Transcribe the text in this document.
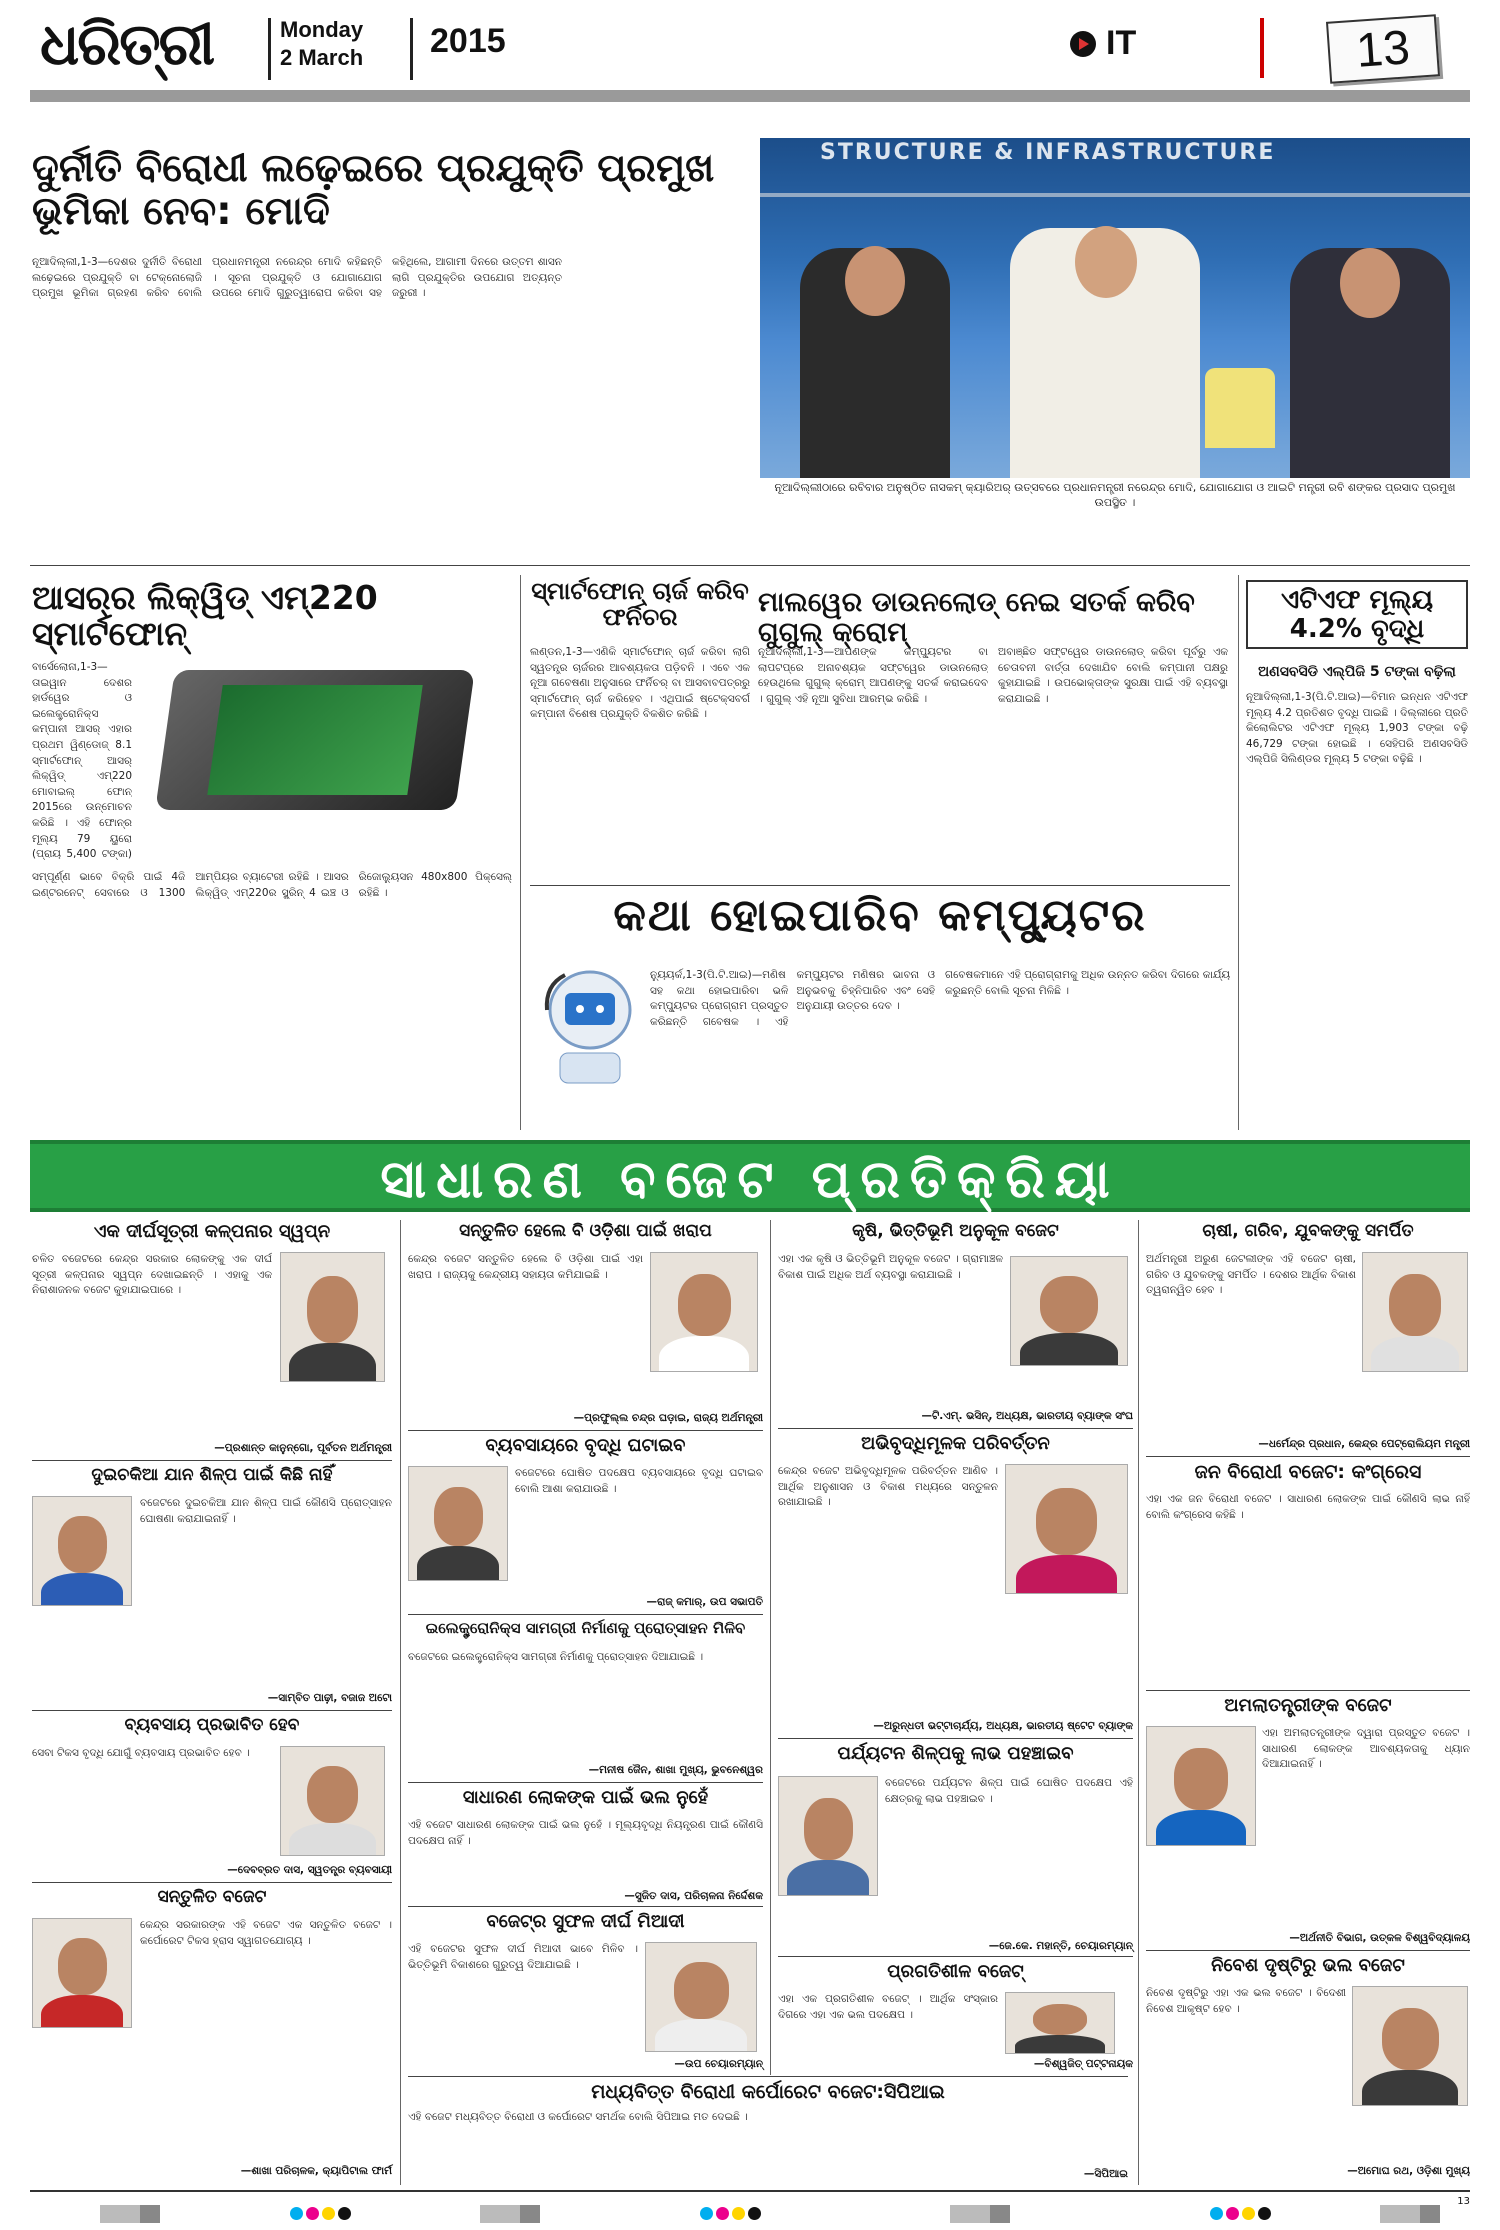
ଧରିତ୍ରୀ	Monday
2 March 2015	IT	13
ଦୁର୍ନୀତି ବିରୋଧୀ ଲଢ଼େଇରେ ପ୍ରଯୁକ୍ତି ପ୍ରମୁଖ ଭୂମିକା ନେବ: ମୋଦି
ନୂଆଦିଲ୍ଲୀ,1-3—ଦେଶର ଦୁର୍ନୀତି ବିରୋଧୀ ଲଢ଼େଇରେ ପ୍ରଯୁକ୍ତି ବା ଟେକ୍ନୋଲୋଜି ପ୍ରମୁଖ ଭୂମିକା ଗ୍ରହଣ କରିବ ବୋଲି ପ୍ରଧାନମନ୍ତ୍ରୀ ନରେନ୍ଦ୍ର ମୋଦି କହିଛନ୍ତି । ସୂଚନା ପ୍ରଯୁକ୍ତି ଓ ଯୋଗାଯୋଗ ଉପରେ ମୋଦି ଗୁରୁତ୍ୱାରୋପ କରିବା ସହ କହିଥିଲେ, ଆଗାମୀ ଦିନରେ ଉତ୍ତମ ଶାସନ ଲାଗି ପ୍ରଯୁକ୍ତିର ଉପଯୋଗ ଅତ୍ୟନ୍ତ ଜରୁରୀ ।
STRUCTURE & INFRASTRUCTURE
ନୂଆଦିଲ୍ଲୀଠାରେ ରବିବାର ଅନୁଷ୍ଠିତ ନାସକମ୍ କ୍ୟାରିଅର୍ ଉତ୍ସବରେ ପ୍ରଧାନମନ୍ତ୍ରୀ ନରେନ୍ଦ୍ର ମୋଦି, ଯୋଗାଯୋଗ ଓ ଆଇଟି ମନ୍ତ୍ରୀ ରବି ଶଙ୍କର ପ୍ରସାଦ ପ୍ରମୁଖ ଉପସ୍ଥିତ ।
ଆସର୍‌ର ଲିକ୍ୱିଡ୍ ଏମ୍220 ସ୍ମାର୍ଟଫୋନ୍
ବାର୍ସେଲୋନା,1-3—ତାଇୱାନ ଦେଶର ହାର୍ଡୱେର ଓ ଇଲେକ୍ଟ୍ରୋନିକ୍ସ କମ୍ପାନୀ ଆସର୍ ଏହାର ପ୍ରଥମ ୱିଣ୍ଡୋଜ୍ 8.1 ସ୍ମାର୍ଟଫୋନ୍ ଆସର୍ ଲିକ୍ୱିଡ୍ ଏମ୍220 ମୋବାଇଲ୍ ଫୋନ୍ 2015ରେ ଉନ୍ମୋଚନ କରିଛି । ଏହି ଫୋନ୍‌ର ମୂଲ୍ୟ 79 ୟୁରୋ (ପ୍ରାୟ 5,400 ଟଙ୍କା)
ସମ୍ପୂର୍ଣ୍ଣ ଭାବେ ବିକ୍ରି ପାଇଁ 4ଜି ଇଣ୍ଟରନେଟ୍ ସେବାରେ ଓ 1300 ଆମ୍ପିୟର ବ୍ୟାଟେରୀ ରହିଛି । ଆସର ଲିକ୍ୱିଡ୍ ଏମ୍220ର ସ୍କ୍ରିନ୍ 4 ଇଞ୍ଚ ଓ ରିଜୋଲ୍ୟୁସନ 480x800 ପିକ୍ସେଲ୍ ରହିଛି ।
ସ୍ମାର୍ଟଫୋନ୍ ଚାର୍ଜ କରିବ ଫର୍ନିଚର
ଲଣ୍ଡନ,1-3—ଏଣିକି ସ୍ମାର୍ଟଫୋନ୍ ଚାର୍ଜ କରିବା ଲାଗି ସ୍ୱତନ୍ତ୍ର ଚାର୍ଜରର ଆବଶ୍ୟକତା ପଡ଼ିବନି । ଏବେ ଏକ ନୂଆ ଗବେଷଣା ଅନୁସାରେ ଫର୍ନିଚର୍ ବା ଆସବାବପତ୍ରରୁ ସ୍ମାର୍ଟଫୋନ୍ ଚାର୍ଜ କରିହେବ । ଏଥିପାଇଁ ଷ୍ଟେକ୍ସବର୍ଗ କମ୍ପାନୀ ବିଶେଷ ପ୍ରଯୁକ୍ତି ବିକଶିତ କରିଛି ।
ମାଲୱେର ଡାଉନଲୋଡ୍ ନେଇ ସତର୍କ କରିବ ଗୁଗୁଲ୍ କ୍ରୋମ୍
ନୂଆଦିଲ୍ଲୀ,1-3—ଆପଣଙ୍କ କମ୍ପ୍ୟୁଟର ବା ଲାପଟପ୍‌ରେ ଅନାବଶ୍ୟକ ସଫ୍ଟୱେର ଡାଉନଲୋଡ୍ ହେଉଥିଲେ ଗୁଗୁଲ୍ କ୍ରୋମ୍ ଆପଣଙ୍କୁ ସତର୍କ କରାଇଦେବ । ଗୁଗୁଲ୍ ଏହି ନୂଆ ସୁବିଧା ଆରମ୍ଭ କରିଛି ।
ଅବାଞ୍ଛିତ ସଫ୍ଟୱେର ଡାଉନଲୋଡ୍ କରିବା ପୂର୍ବରୁ ଏକ ଚେତାବନୀ ବାର୍ତ୍ତା ଦେଖାଯିବ ବୋଲି କମ୍ପାନୀ ପକ୍ଷରୁ କୁହାଯାଇଛି । ଉପଭୋକ୍ତାଙ୍କ ସୁରକ୍ଷା ପାଇଁ ଏହି ବ୍ୟବସ୍ଥା କରାଯାଇଛି ।
କଥା ହୋଇପାରିବ କମ୍ପ୍ୟୁଟର
ନ୍ୟୁୟର୍କ,1-3(ପି.ଟି.ଆଇ)—ମଣିଷ ସହ କଥା ହୋଇପାରିବା ଭଳି କମ୍ପ୍ୟୁଟର ପ୍ରୋଗ୍ରାମ ପ୍ରସ୍ତୁତ କରିଛନ୍ତି ଗବେଷକ । ଏହି କମ୍ପ୍ୟୁଟର ମଣିଷର ଭାବନା ଓ ଅନୁଭବକୁ ଚିହ୍ନିପାରିବ ଏବଂ ସେହି ଅନୁଯାୟୀ ଉତ୍ତର ଦେବ ।
ଗବେଷକମାନେ ଏହି ପ୍ରୋଗ୍ରାମକୁ ଅଧିକ ଉନ୍ନତ କରିବା ଦିଗରେ କାର୍ଯ୍ୟ କରୁଛନ୍ତି ବୋଲି ସୂଚନା ମିଳିଛି ।
ଏଟିଏଫ ମୂଲ୍ୟ 4.2% ବୃଦ୍ଧି
ଅଣସବସିଡି ଏଲ୍‌ପିଜି 5 ଟଙ୍କା ବଢ଼ିଲା
ନୂଆଦିଲ୍ଲୀ,1-3(ପି.ଟି.ଆଇ)—ବିମାନ ଇନ୍ଧନ ଏଟିଏଫ ମୂଲ୍ୟ 4.2 ପ୍ରତିଶତ ବୃଦ୍ଧି ପାଇଛି । ଦିଲ୍ଲୀରେ ପ୍ରତି କିଲୋଲିଟର ଏଟିଏଫ ମୂଲ୍ୟ 1,903 ଟଙ୍କା ବଢ଼ି 46,729 ଟଙ୍କା ହୋଇଛି । ସେହିପରି ଅଣସବସିଡି ଏଲ୍‌ପିଜି ସିଲିଣ୍ଡର ମୂଲ୍ୟ 5 ଟଙ୍କା ବଢ଼ିଛି ।
ସାଧାରଣ ବଜେଟ ପ୍ରତିକ୍ରିୟା
ଏକ ଦୀର୍ଘସୂତ୍ରୀ କଳ୍ପନାର ସ୍ୱପ୍ନ
ଚଳିତ ବଜେଟରେ କେନ୍ଦ୍ର ସରକାର ଲୋକଙ୍କୁ ଏକ ଦୀର୍ଘ ସୂତ୍ରୀ କଳ୍ପନାର ସ୍ୱପ୍ନ ଦେଖାଇଛନ୍ତି । ଏହାକୁ ଏକ ନିରାଶାଜନକ ବଜେଟ କୁହାଯାଇପାରେ ।
—ପ୍ରଶାନ୍ତ କାନୁନ୍‌ଗୋ, ପୂର୍ବତନ ଅର୍ଥମନ୍ତ୍ରୀ
ଦୁଇଚକିଆ ଯାନ ଶିଳ୍ପ ପାଇଁ କିଛି ନାହିଁ
ବଜେଟରେ ଦୁଇଚକିଆ ଯାନ ଶିଳ୍ପ ପାଇଁ କୌଣସି ପ୍ରୋତ୍ସାହନ ଘୋଷଣା କରାଯାଇନାହିଁ ।
—ସାମ୍ବିତ ପାଢ଼ୀ, ବଜାଜ ଅଟୋ
ବ୍ୟବସାୟ ପ୍ରଭାବିତ ହେବ
ସେବା ଟିକସ ବୃଦ୍ଧି ଯୋଗୁଁ ବ୍ୟବସାୟ ପ୍ରଭାବିତ ହେବ ।
—ଦେବବ୍ରତ ଦାସ, ସ୍ୱତନ୍ତ୍ର ବ୍ୟବସାୟୀ
ସନ୍ତୁଳିତ ବଜେଟ
କେନ୍ଦ୍ର ସରକାରଙ୍କ ଏହି ବଜେଟ ଏକ ସନ୍ତୁଳିତ ବଜେଟ । କର୍ପୋରେଟ ଟିକସ ହ୍ରାସ ସ୍ୱାଗତଯୋଗ୍ୟ ।
—ଶାଖା ପରିଚାଳକ, କ୍ୟାପିଟାଲ ଫାର୍ମ
ସନ୍ତୁଳିତ ହେଲେ ବି ଓଡ଼ିଶା ପାଇଁ ଖରାପ
କେନ୍ଦ୍ର ବଜେଟ ସନ୍ତୁଳିତ ହେଲେ ବି ଓଡ଼ିଶା ପାଇଁ ଏହା ଖରାପ । ରାଜ୍ୟକୁ କେନ୍ଦ୍ରୀୟ ସହାୟତା କମିଯାଇଛି ।
—ପ୍ରଫୁଲ୍ଲ ଚନ୍ଦ୍ର ଘଡ଼ାଇ, ରାଜ୍ୟ ଅର୍ଥମନ୍ତ୍ରୀ
ବ୍ୟବସାୟରେ ବୃଦ୍ଧି ଘଟାଇବ
ବଜେଟରେ ଘୋଷିତ ପଦକ୍ଷେପ ବ୍ୟବସାୟରେ ବୃଦ୍ଧି ଘଟାଇବ ବୋଲି ଆଶା କରାଯାଉଛି ।
—ରାଜ୍ କମାର୍, ଉପ ସଭାପତି
ଇଲେକ୍ଟ୍ରୋନିକ୍ସ ସାମଗ୍ରୀ ନିର୍ମାଣକୁ ପ୍ରୋତ୍ସାହନ ମିଳିବ
ବଜେଟରେ ଇଲେକ୍ଟ୍ରୋନିକ୍ସ ସାମଗ୍ରୀ ନିର୍ମାଣକୁ ପ୍ରୋତ୍ସାହନ ଦିଆଯାଇଛି ।
—ମନୀଷ ଜୈନ, ଶାଖା ମୁଖ୍ୟ, ଭୁବନେଶ୍ୱର
ସାଧାରଣ ଲୋକଙ୍କ ପାଇଁ ଭଲ ନୁହେଁ
ଏହି ବଜେଟ ସାଧାରଣ ଲୋକଙ୍କ ପାଇଁ ଭଲ ନୁହେଁ । ମୂଲ୍ୟବୃଦ୍ଧି ନିୟନ୍ତ୍ରଣ ପାଇଁ କୌଣସି ପଦକ୍ଷେପ ନାହିଁ ।
—ସୁଜିତ ଦାସ, ପରିଚାଳନା ନିର୍ଦ୍ଦେଶକ
ବଜେଟ୍‌ର ସୁଫଳ ଦୀର୍ଘ ମିଆଦୀ
ଏହି ବଜେଟର ସୁଫଳ ଦୀର୍ଘ ମିଆଦୀ ଭାବେ ମିଳିବ । ଭିତ୍ତିଭୂମି ବିକାଶରେ ଗୁରୁତ୍ୱ ଦିଆଯାଇଛି ।
—ଉପ ଚେୟାରମ୍ୟାନ୍
ମଧ୍ୟବିତ୍ତ ବିରୋଧୀ କର୍ପୋରେଟ ବଜେଟ:ସିପିଆଇ
ଏହି ବଜେଟ ମଧ୍ୟବିତ୍ତ ବିରୋଧୀ ଓ କର୍ପୋରେଟ ସମର୍ଥକ ବୋଲି ସିପିଆଇ ମତ ଦେଇଛି ।
—ସିପିଆଇ
କୃଷି, ଭିତ୍ତିଭୂମି ଅନୁକୂଳ ବଜେଟ
ଏହା ଏକ କୃଷି ଓ ଭିତ୍ତିଭୂମି ଅନୁକୂଳ ବଜେଟ । ଗ୍ରାମାଞ୍ଚଳ ବିକାଶ ପାଇଁ ଅଧିକ ଅର୍ଥ ବ୍ୟବସ୍ଥା କରାଯାଇଛି ।
—ଟି.ଏମ୍. ଭସିନ୍, ଅଧ୍ୟକ୍ଷ, ଭାରତୀୟ ବ୍ୟାଙ୍କ ସଂଘ
ଅଭିବୃଦ୍ଧିମୂଳକ ପରିବର୍ତ୍ତନ
କେନ୍ଦ୍ର ବଜେଟ ଅଭିବୃଦ୍ଧିମୂଳକ ପରିବର୍ତ୍ତନ ଆଣିବ । ଆର୍ଥିକ ଅନୁଶାସନ ଓ ବିକାଶ ମଧ୍ୟରେ ସନ୍ତୁଳନ ରଖାଯାଇଛି ।
—ଅରୁନ୍ଧତୀ ଭଟ୍ଟାଚାର୍ଯ୍ୟ, ଅଧ୍ୟକ୍ଷ, ଭାରତୀୟ ଷ୍ଟେଟ ବ୍ୟାଙ୍କ
ପର୍ଯ୍ୟଟନ ଶିଳ୍ପକୁ ଲାଭ ପହଞ୍ଚାଇବ
ବଜେଟରେ ପର୍ଯ୍ୟଟନ ଶିଳ୍ପ ପାଇଁ ଘୋଷିତ ପଦକ୍ଷେପ ଏହି କ୍ଷେତ୍ରକୁ ଲାଭ ପହଞ୍ଚାଇବ ।
—ଜେ.କେ. ମହାନ୍ତି, ଚେୟାରମ୍ୟାନ୍
ପ୍ରଗତିଶୀଳ ବଜେଟ୍
ଏହା ଏକ ପ୍ରଗତିଶୀଳ ବଜେଟ୍ । ଆର୍ଥିକ ସଂସ୍କାର ଦିଗରେ ଏହା ଏକ ଭଲ ପଦକ୍ଷେପ ।
—ବିଶ୍ୱଜିତ୍ ପଟ୍ଟନାୟକ
ଚାଷୀ, ଗରିବ, ଯୁବକଙ୍କୁ ସମର୍ପିତ
ଅର୍ଥମନ୍ତ୍ରୀ ଅରୁଣ ଜେଟଲୀଙ୍କ ଏହି ବଜେଟ ଚାଷୀ, ଗରିବ ଓ ଯୁବକଙ୍କୁ ସମର୍ପିତ । ଦେଶର ଆର୍ଥିକ ବିକାଶ ତ୍ୱରାନ୍ୱିତ ହେବ ।
—ଧର୍ମେନ୍ଦ୍ର ପ୍ରଧାନ, କେନ୍ଦ୍ର ପେଟ୍ରୋଲିୟମ ମନ୍ତ୍ରୀ
ଜନ ବିରୋଧୀ ବଜେଟ: କଂଗ୍ରେସ
ଏହା ଏକ ଜନ ବିରୋଧୀ ବଜେଟ । ସାଧାରଣ ଲୋକଙ୍କ ପାଇଁ କୌଣସି ଲାଭ ନାହିଁ ବୋଲି କଂଗ୍ରେସ କହିଛି ।
ଅମଲାତନ୍ତ୍ରୀଙ୍କ ବଜେଟ
ଏହା ଅମଲାତନ୍ତ୍ରୀଙ୍କ ଦ୍ୱାରା ପ୍ରସ୍ତୁତ ବଜେଟ । ସାଧାରଣ ଲୋକଙ୍କ ଆବଶ୍ୟକତାକୁ ଧ୍ୟାନ ଦିଆଯାଇନାହିଁ ।
—ଅର୍ଥନୀତି ବିଭାଗ, ଉତ୍କଳ ବିଶ୍ୱବିଦ୍ୟାଳୟ
ନିବେଶ ଦୃଷ୍ଟିରୁ ଭଲ ବଜେଟ
ନିବେଶ ଦୃଷ୍ଟିରୁ ଏହା ଏକ ଭଲ ବଜେଟ । ବିଦେଶୀ ନିବେଶ ଆକୃଷ୍ଟ ହେବ ।
—ଅମୋଘ ରଥ, ଓଡ଼ିଶା ମୁଖ୍ୟ
13
